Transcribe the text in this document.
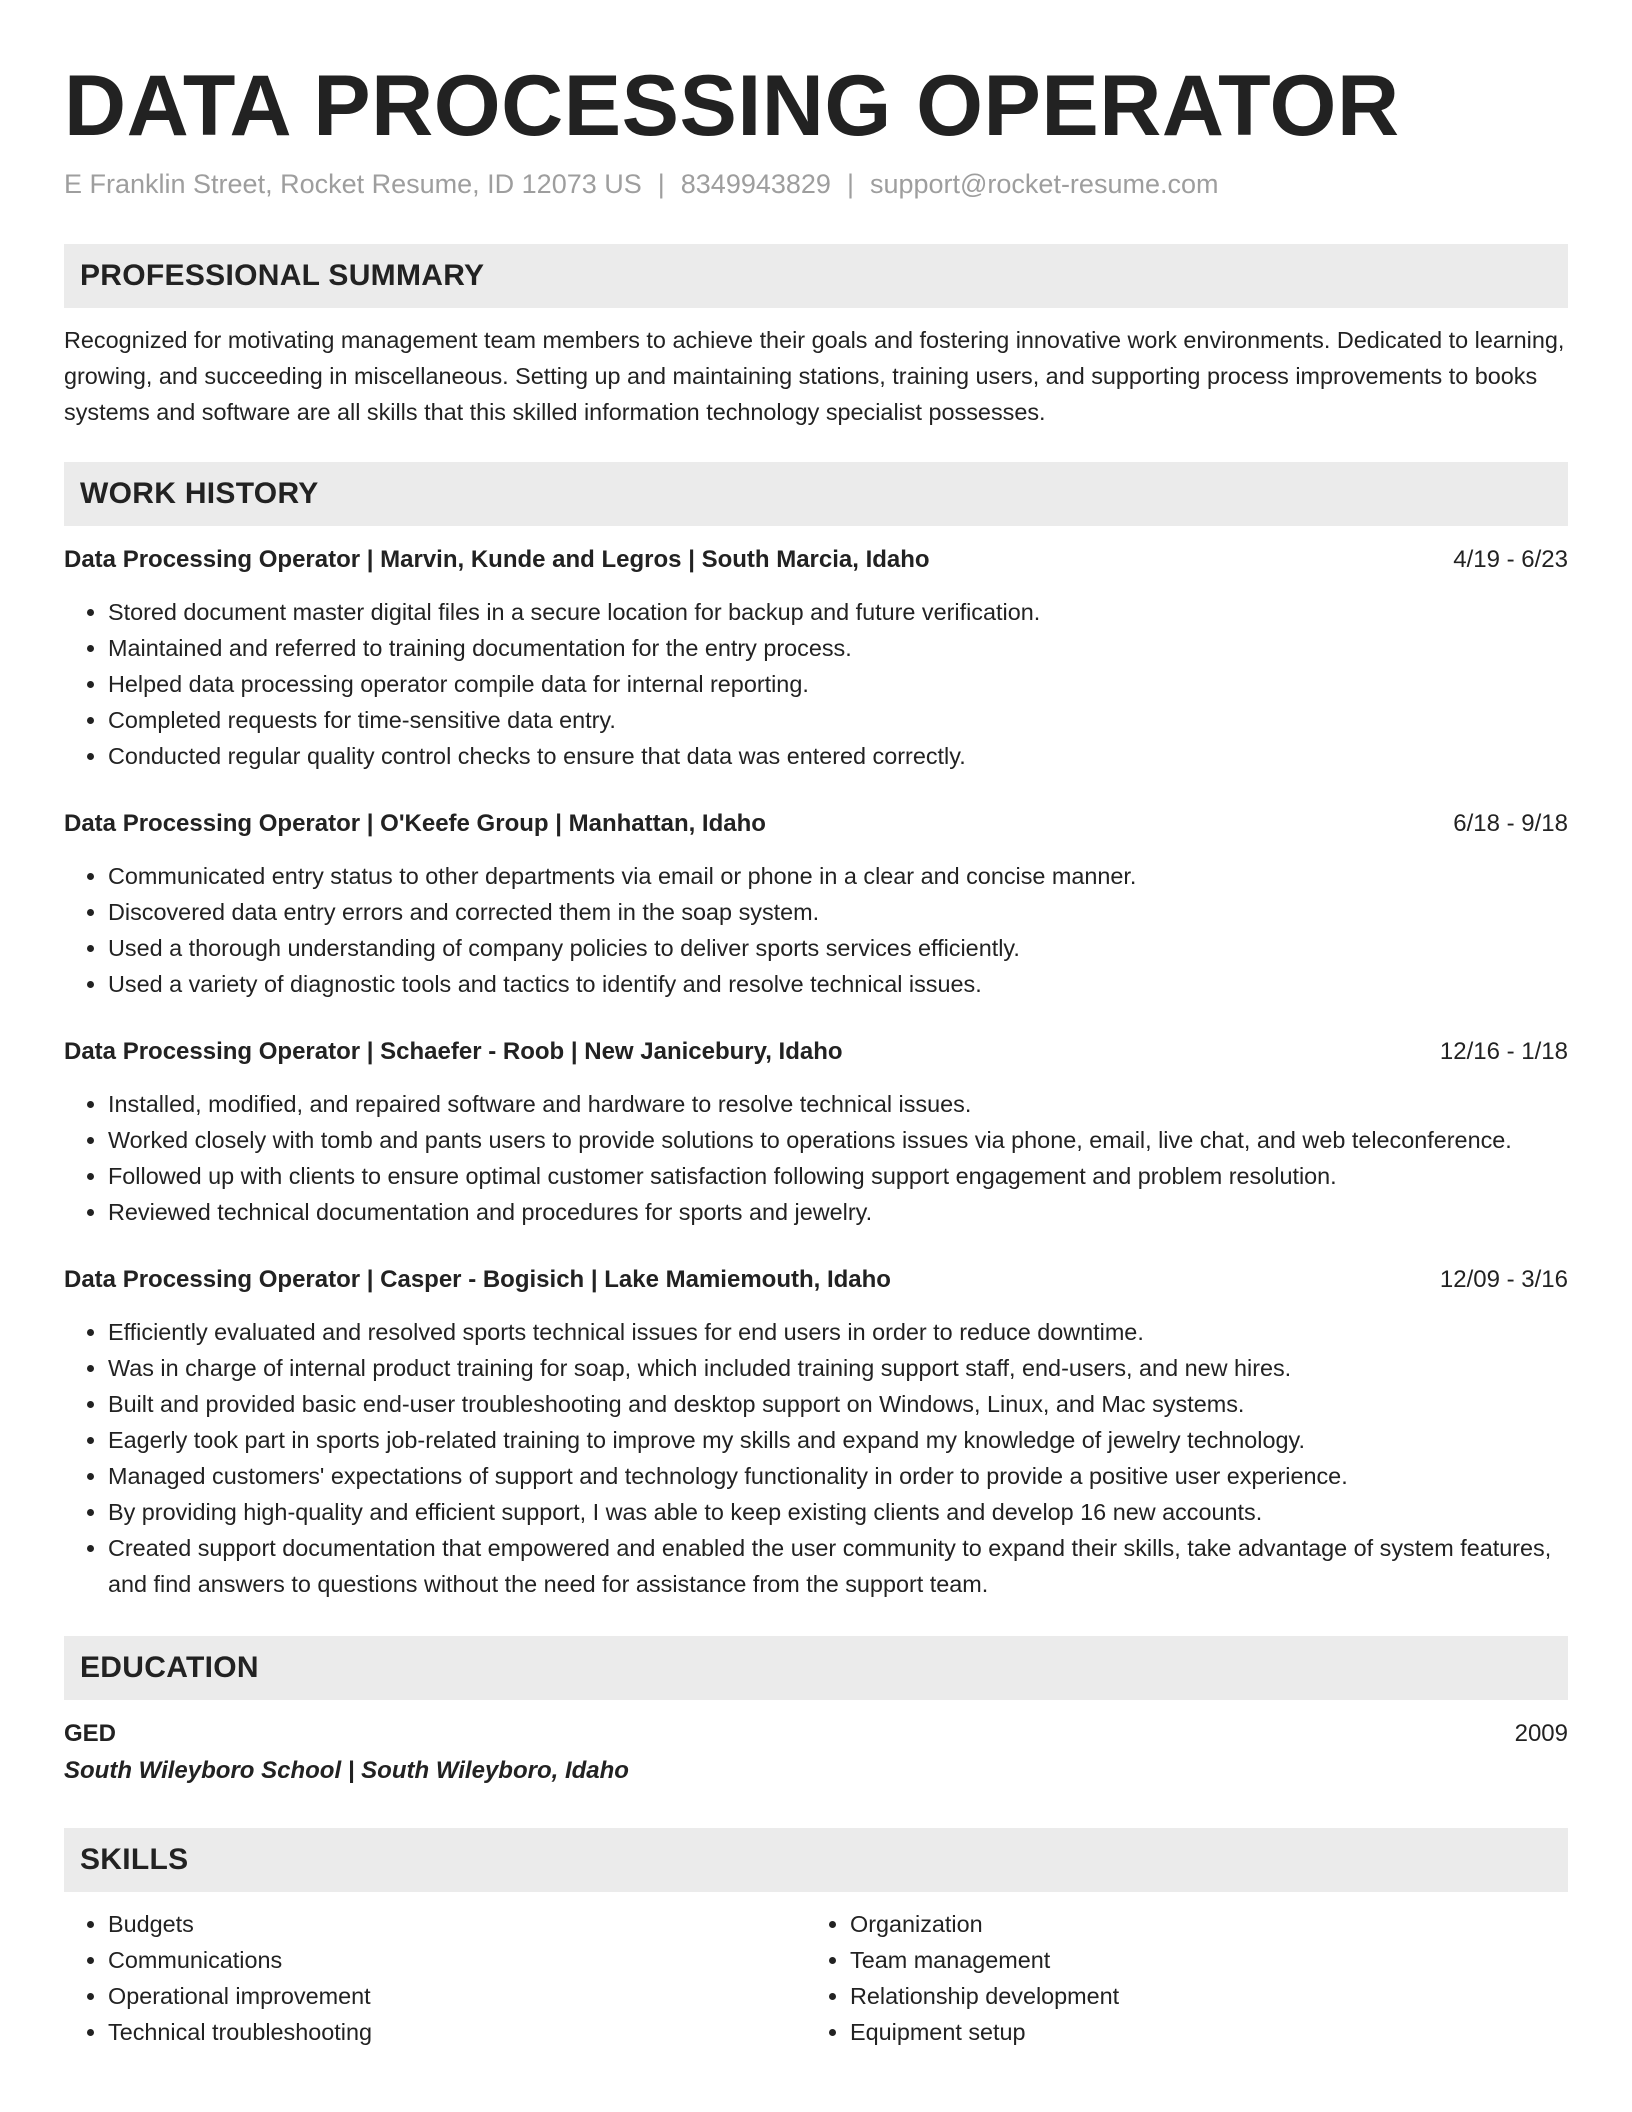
DATA PROCESSING OPERATOR
E Franklin Street, Rocket Resume, ID 12073 US | 8349943829 | support@rocket-resume.com
PROFESSIONAL SUMMARY
Recognized for motivating management team members to achieve their goals and fostering innovative work environments. Dedicated to learning, growing, and succeeding in miscellaneous. Setting up and maintaining stations, training users, and supporting process improvements to books systems and software are all skills that this skilled information technology specialist possesses.
WORK HISTORY
Data Processing Operator | Marvin, Kunde and Legros | South Marcia, Idaho	4/19 - 6/23
• Stored document master digital files in a secure location for backup and future verification.
• Maintained and referred to training documentation for the entry process.
• Helped data processing operator compile data for internal reporting.
• Completed requests for time-sensitive data entry.
• Conducted regular quality control checks to ensure that data was entered correctly.
Data Processing Operator | O'Keefe Group | Manhattan, Idaho	6/18 - 9/18
• Communicated entry status to other departments via email or phone in a clear and concise manner.
• Discovered data entry errors and corrected them in the soap system.
• Used a thorough understanding of company policies to deliver sports services efficiently.
• Used a variety of diagnostic tools and tactics to identify and resolve technical issues.
Data Processing Operator | Schaefer - Roob | New Janicebury, Idaho	12/16 - 1/18
• Installed, modified, and repaired software and hardware to resolve technical issues.
• Worked closely with tomb and pants users to provide solutions to operations issues via phone, email, live chat, and web teleconference.
• Followed up with clients to ensure optimal customer satisfaction following support engagement and problem resolution.
• Reviewed technical documentation and procedures for sports and jewelry.
Data Processing Operator | Casper - Bogisich | Lake Mamiemouth, Idaho	12/09 - 3/16
• Efficiently evaluated and resolved sports technical issues for end users in order to reduce downtime.
• Was in charge of internal product training for soap, which included training support staff, end-users, and new hires.
• Built and provided basic end-user troubleshooting and desktop support on Windows, Linux, and Mac systems.
• Eagerly took part in sports job-related training to improve my skills and expand my knowledge of jewelry technology.
• Managed customers' expectations of support and technology functionality in order to provide a positive user experience.
• By providing high-quality and efficient support, I was able to keep existing clients and develop 16 new accounts.
• Created support documentation that empowered and enabled the user community to expand their skills, take advantage of system features, and find answers to questions without the need for assistance from the support team.
EDUCATION
GED	2009
South Wileyboro School | South Wileyboro, Idaho
SKILLS
• Budgets
• Communications
• Operational improvement
• Technical troubleshooting
• Organization
• Team management
• Relationship development
• Equipment setup
